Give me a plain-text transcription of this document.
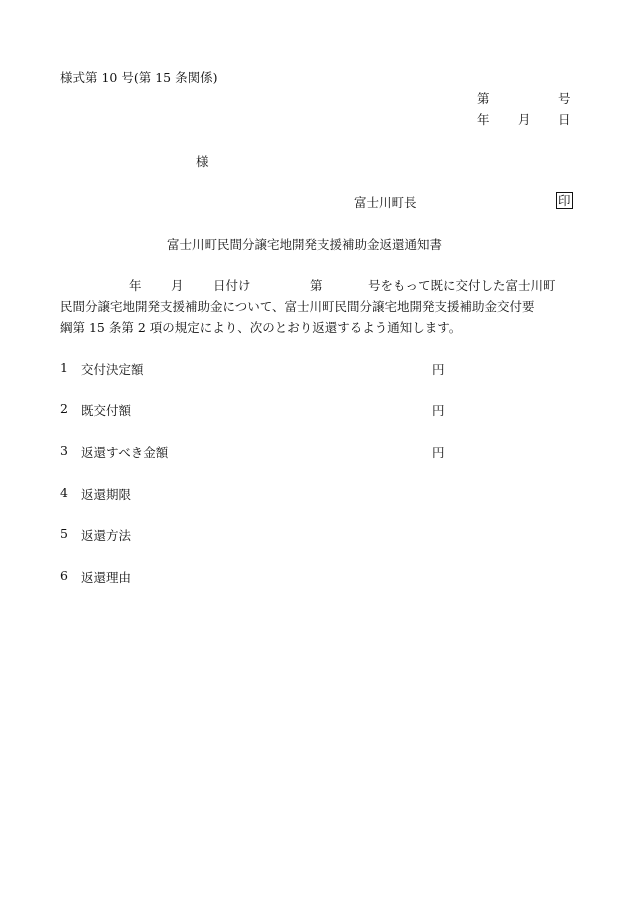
様式第 10 号(第 15 条関係)
第	号
年 月 日
様
富士川町長	印
富士川町民間分譲宅地開発支援補助金返還通知書
年 月 日付け	第	号をもって既に交付した富士川町
民間分譲宅地開発支援補助金について、富士川町民間分譲宅地開発支援補助金交付要
綱第 15 条第 2 項の規定により、次のとおり返還するよう通知します。
1 交付決定額	円
2 既交付額	円
3 返還すべき金額	円
4 返還期限
5 返還方法
6 返還理由
